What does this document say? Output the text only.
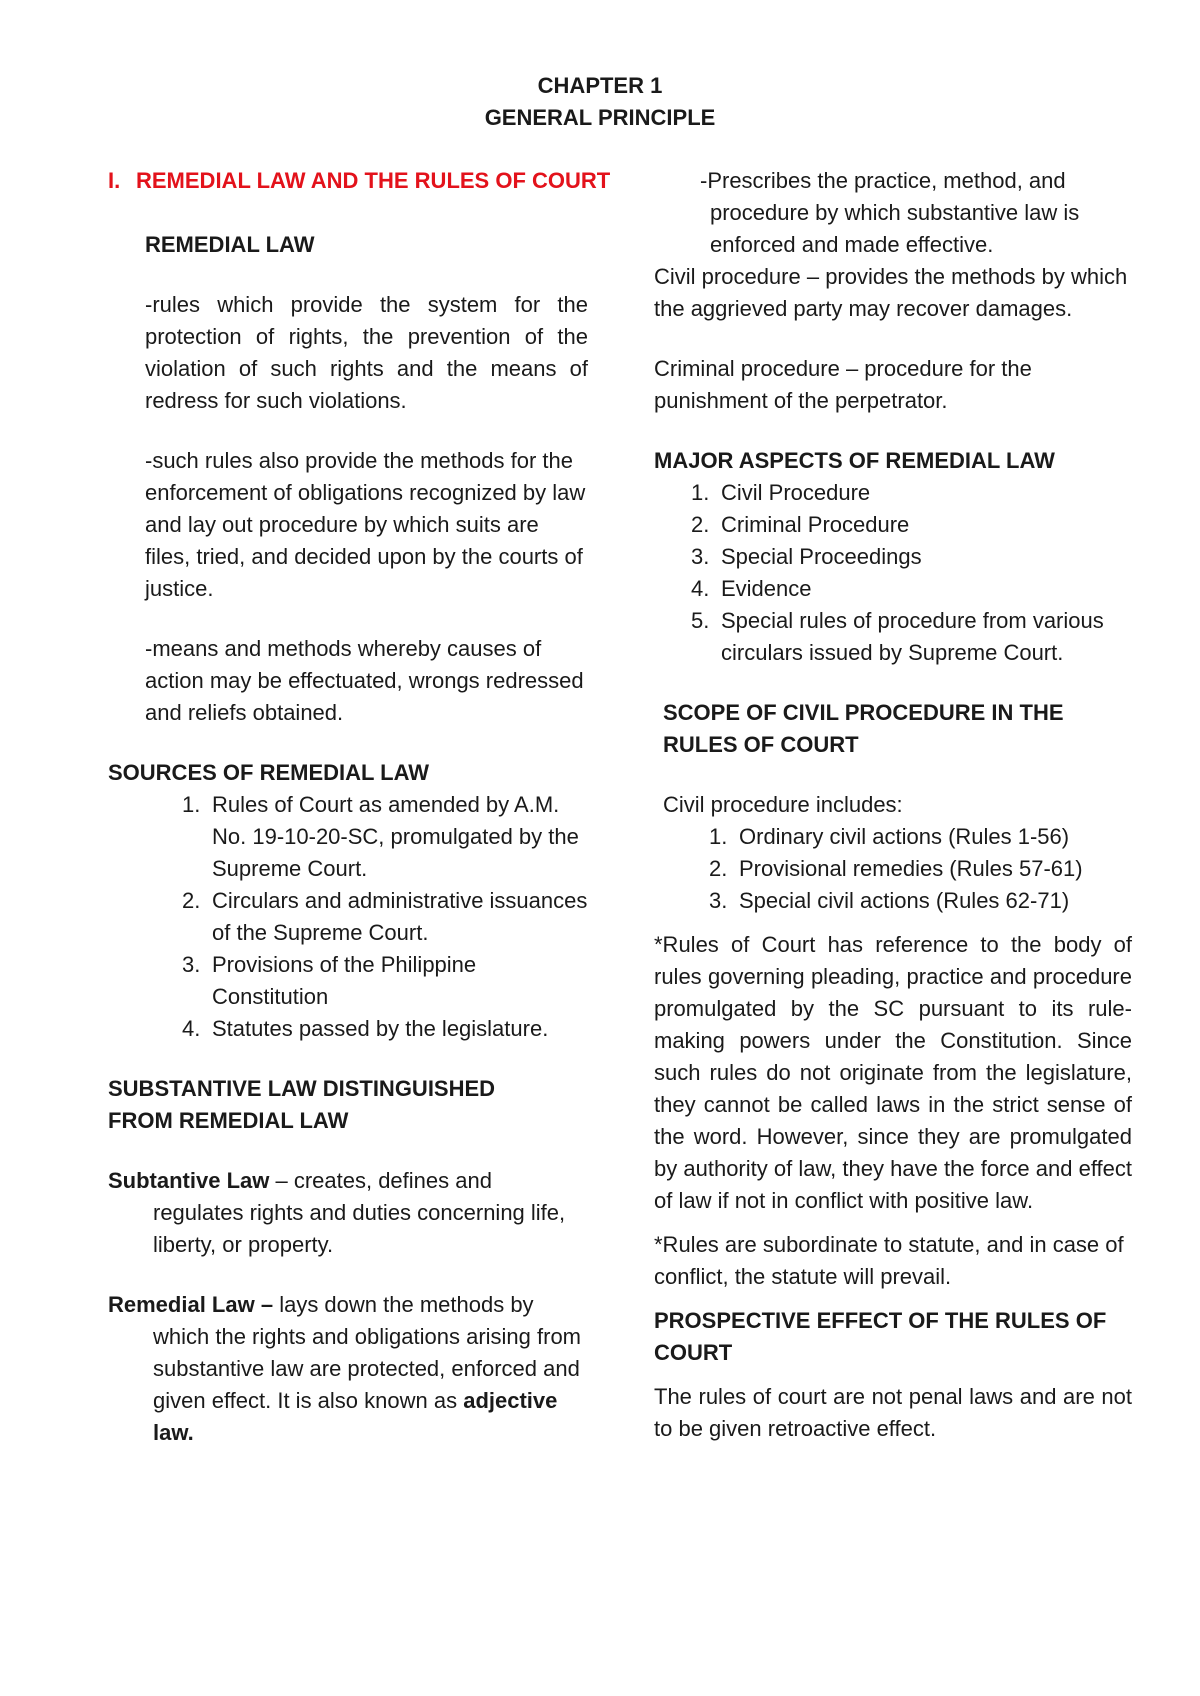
CHAPTER 1
GENERAL PRINCIPLE
I. REMEDIAL LAW AND THE RULES OF COURT
REMEDIAL LAW

-rules which provide the system for the protection of rights, the prevention of the violation of such rights and the means of redress for such violations.

-such rules also provide the methods for the enforcement of obligations recognized by law and lay out procedure by which suits are files, tried, and decided upon by the courts of justice.

-means and methods whereby causes of action may be effectuated, wrongs redressed and reliefs obtained.

SOURCES OF REMEDIAL LAW
1. Rules of Court as amended by A.M. No. 19-10-20-SC, promulgated by the Supreme Court.
2. Circulars and administrative issuances of the Supreme Court.
3. Provisions of the Philippine Constitution
4. Statutes passed by the legislature.
SUBSTANTIVE LAW DISTINGUISHED FROM REMEDIAL LAW

Subtantive Law – creates, defines and regulates rights and duties concerning life, liberty, or property.

Remedial Law – lays down the methods by which the rights and obligations arising from substantive law are protected, enforced and given effect. It is also known as adjective law.

-Prescribes the practice, method, and procedure by which substantive law is enforced and made effective.

Civil procedure – provides the methods by which the aggrieved party may recover damages.

Criminal procedure – procedure for the punishment of the perpetrator.

MAJOR ASPECTS OF REMEDIAL LAW
1. Civil Procedure
2. Criminal Procedure
3. Special Proceedings
4. Evidence
5. Special rules of procedure from various circulars issued by Supreme Court.
SCOPE OF CIVIL PROCEDURE IN THE RULES OF COURT

Civil procedure includes:

1. Ordinary civil actions (Rules 1-56)
2. Provisional remedies (Rules 57-61)
3. Special civil actions (Rules 62-71)

*Rules of Court has reference to the body of rules governing pleading, practice and procedure promulgated by the SC pursuant to its rule-making powers under the Constitution. Since such rules do not originate from the legislature, they cannot be called laws in the strict sense of the word. However, since they are promulgated by authority of law, they have the force and effect of law if not in conflict with positive law.

*Rules are subordinate to statute, and in case of conflict, the statute will prevail.

PROSPECTIVE EFFECT OF THE RULES OF COURT

The rules of court are not penal laws and are not to be given retroactive effect.
